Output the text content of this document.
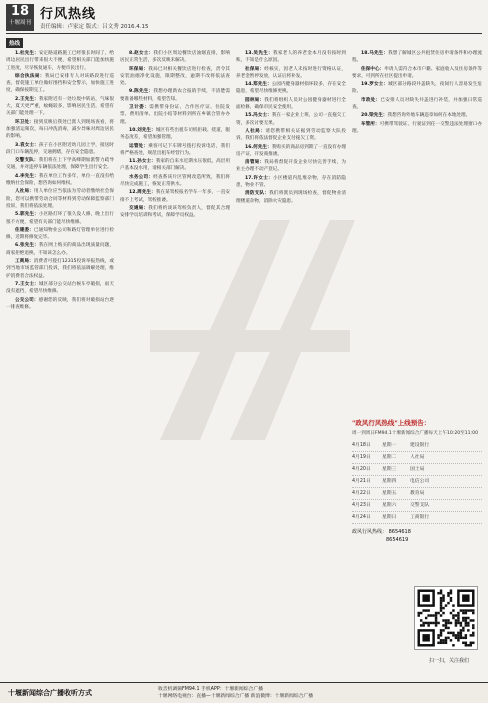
18
十堰周刊
行风热线
责任编辑：卢家定 版式：吕文秀 2016.4.15
热线

1.杜先生：安定路道路施工已经很长时间了，给周边居民出行带来很大不便，希望相关部门能加快施工进度，尽早恢复通车，方便市民出行。

综合执法局：我局已安排专人对该路段进行巡查，督促施工单位做好围挡和安全警示，加快施工进度，确保按期完工。

2.王先生：我家附近有一处垃圾中转站，气味很大，夏天更严重，蚊蝇较多，影响居民生活，希望有关部门能处理一下。

环卫处：接到反映后我处已派人到现场查看，将加强清运频次，每日冲洗消毒，减少异味对周边居民的影响。

3.袁女士：孩子在小区附近幼儿园上学，接送时段门口车辆乱停，交通拥堵，存在安全隐患。

交警支队：我们将在上下学高峰期加派警力疏导交通，并对违停车辆依法处理，保障学生出行安全。

4.李先生：我在单位工作多年，单位一直没有给缴纳社会保险，想咨询如何维权。

人社局：用人单位应当依法为劳动者缴纳社会保险，您可以携带劳动合同等材料到劳动保障监察部门投诉，我们将依法处理。

5.郭先生：小区路灯坏了很久没人修，晚上出行很不方便，希望有关部门能尽快维修。

住建委：已通知物业公司和路灯管理单位进行检修，近期将修复完毕。

6.张先生：我在网上购买的商品出现质量问题，商家拒绝退换，不知该怎么办。

工商局：消费者可拨打12315投诉举报热线，或到当地市场监管部门投诉，我们将依法调解处理，维护消费者合法权益。

7.王女士：城区部分公交站台候车亭破损，雨天没有遮挡，希望尽快维修。

公交公司：感谢您的反映，我们将对破损站台逐一排查维修。

8.赵女士：我们小区周边餐饮店油烟直排，影响居民正常生活，多次反映未解决。

环保局：我局已对相关餐饮店进行检查，责令其安装油烟净化设施，限期整改，逾期不改将依法查处。

9.陈先生：我想办理新农合报销手续，不清楚需要准备哪些材料，希望告知。

卫计委：需携带身份证、合作医疗证、住院发票、费用清单、出院小结等材料到所在乡镇合管办办理。

10.刘先生：城区有些出租车司机拒载、绕道，服务态度差，希望加强管理。

运管处：乘客可记下车牌号拨打投诉电话，我们将严格查处，规范出租车经营行为。

11.孙女士：我家的自来水近期水压很低，高层用户基本没水用，请相关部门解决。

水务公司：经查系该片区管网改造所致，我们将尽快完成施工，恢复正常供水。

12.周先生：我在某驾校报名学车一年多，一直安排不上考试，驾校推诿。

交通局：我们将约谈该驾校负责人，督促其合理安排学员培训和考试，保障学员权益。

13.吴先生：我家老人的养老金本月没有按时到账，不知是什么原因。

社保局：经核实，因老人未按时进行资格认证，养老金暂停发放，认证后将补发。

14.郑先生：公园内健身器材损坏较多，存在安全隐患，希望尽快维修更换。

园林局：我们将组织人员对公园健身器材进行全面检修，确保市民安全使用。

15.冯女士：我在一家企业上班，公司一直拖欠工资，多次讨要无果。

人社局：请您携带相关证据到劳动监察大队投诉，我们将依法督促企业支付拖欠工资。

16.何先生：我购买的商品房到期了一直没有办理房产证，开发商推诿。

房管局：我局将督促开发企业尽快完善手续，为业主办理不动产登记。

17.许女士：小区楼道内乱堆杂物，存在消防隐患，物业不管。

消防支队：我们将派员到现场检查，督促物业清理楼道杂物，消除火灾隐患。

18.马先生：我想了解城区公共租赁住房申请条件和办理流程。

住保中心：申请人需符合本市户籍、家庭收入及住房条件等要求，可到所在社区提出申请。

19.罗女士：城区部分路段井盖缺失，夜间行人容易发生危险。

市政处：已安排人员对缺失井盖进行补装，并加强日常巡查。

20.梁先生：我想咨询外地车辆违章如何在本地处理。

车管所：可携带驾驶证、行驶证到任一交警违法处理窗口办理。

"政风行风热线"上线预告：
周一到周日FM94.1十堰新闻综合广播每天上午10:20至11:00
4月18日	星期一	建设银行
4月19日	星期二	人社局
4月20日	星期三	国土局
4月21日	星期四	电信公司
4月22日	星期五	教育局
4月23日	星期六	交警支队
4月24日	星期日	工商银行
政风行风热线： 8654618
8654619
扫一扫，关注我们
十堰新闻综合广播收听方式	收音机调频FM94.1 手机APP：十堰新闻综合广播
十堰网络电视台：直播—十堰新闻综合广播 新浪微博：十堰新闻综合广播
